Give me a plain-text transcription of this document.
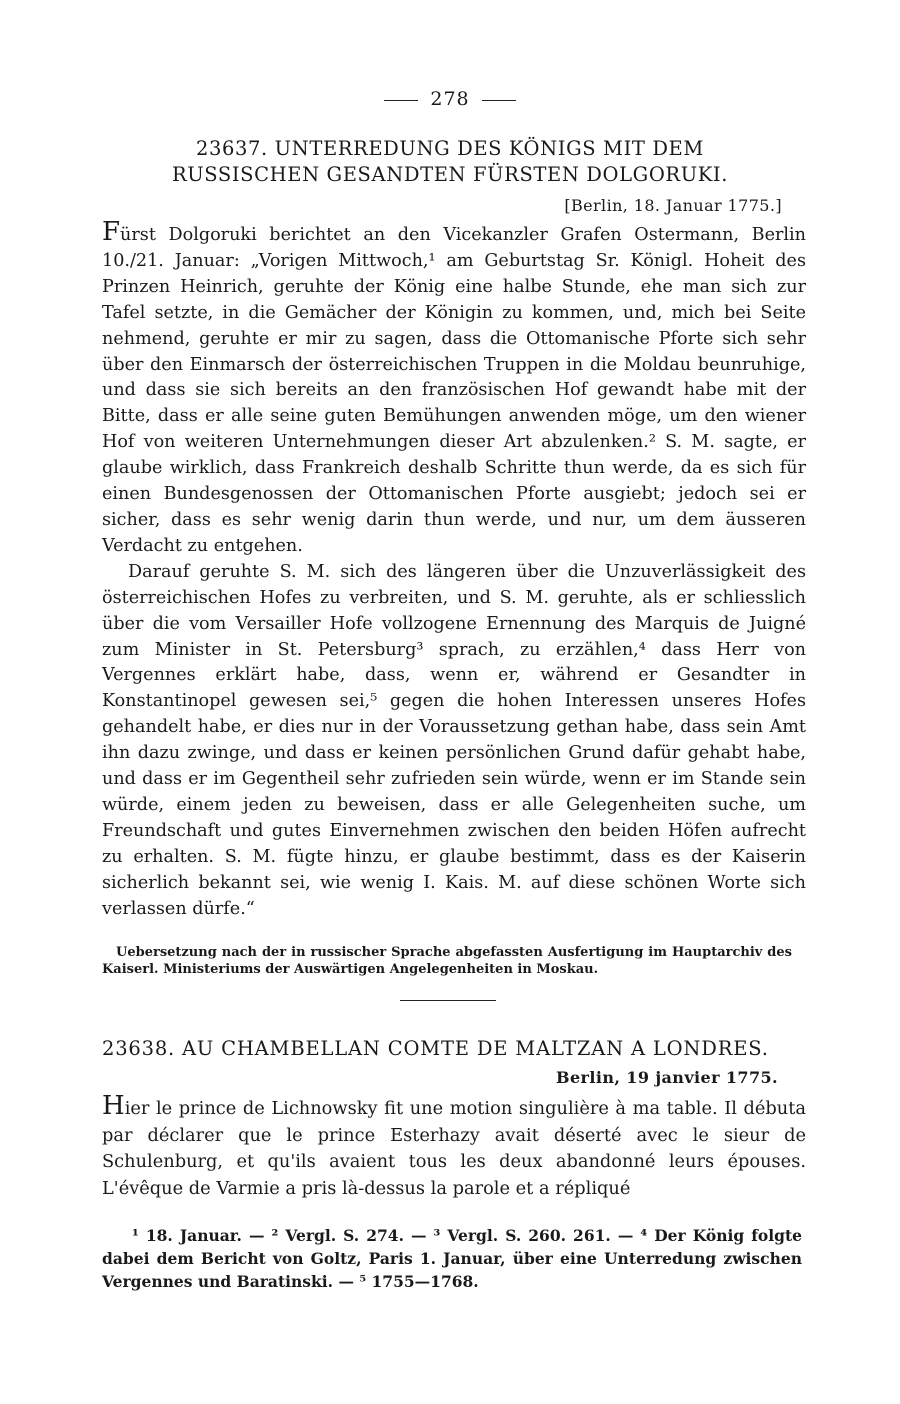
278
23637. UNTERREDUNG DES KÖNIGS MIT DEM
RUSSISCHEN GESANDTEN FÜRSTEN DOLGORUKI.
[Berlin, 18. Januar 1775.]

Fürst Dolgoruki berichtet an den Vicekanzler Grafen Ostermann, Berlin 10./21. Januar: „Vorigen Mittwoch,¹ am Geburtstag Sr. Königl. Hoheit des Prinzen Heinrich, geruhte der König eine halbe Stunde, ehe man sich zur Tafel setzte, in die Gemächer der Königin zu kommen, und, mich bei Seite nehmend, geruhte er mir zu sagen, dass die Ottomanische Pforte sich sehr über den Einmarsch der österreichischen Truppen in die Moldau beunruhige, und dass sie sich bereits an den französischen Hof gewandt habe mit der Bitte, dass er alle seine guten Bemühungen anwenden möge, um den wiener Hof von weiteren Unternehmungen dieser Art abzulenken.² S. M. sagte, er glaube wirklich, dass Frankreich deshalb Schritte thun werde, da es sich für einen Bundesgenossen der Ottomanischen Pforte ausgiebt; jedoch sei er sicher, dass es sehr wenig darin thun werde, und nur, um dem äusseren Verdacht zu entgehen.

Darauf geruhte S. M. sich des längeren über die Unzuverlässigkeit des österreichischen Hofes zu verbreiten, und S. M. geruhte, als er schliesslich über die vom Versailler Hofe vollzogene Ernennung des Marquis de Juigné zum Minister in St. Petersburg³ sprach, zu erzählen,⁴ dass Herr von Vergennes erklärt habe, dass, wenn er, während er Gesandter in Konstantinopel gewesen sei,⁵ gegen die hohen Interessen unseres Hofes gehandelt habe, er dies nur in der Voraussetzung gethan habe, dass sein Amt ihn dazu zwinge, und dass er keinen persönlichen Grund dafür gehabt habe, und dass er im Gegentheil sehr zufrieden sein würde, wenn er im Stande sein würde, einem jeden zu beweisen, dass er alle Gelegenheiten suche, um Freundschaft und gutes Einvernehmen zwischen den beiden Höfen aufrecht zu erhalten. S. M. fügte hinzu, er glaube bestimmt, dass es der Kaiserin sicherlich bekannt sei, wie wenig I. Kais. M. auf diese schönen Worte sich verlassen dürfe.“

Uebersetzung nach der in russischer Sprache abgefassten Ausfertigung im Hauptarchiv des Kaiserl. Ministeriums der Auswärtigen Angelegenheiten in Moskau.
23638. AU CHAMBELLAN COMTE DE MALTZAN A LONDRES.
Berlin, 19 janvier 1775.

Hier le prince de Lichnowsky fit une motion singulière à ma table. Il débuta par déclarer que le prince Esterhazy avait déserté avec le sieur de Schulenburg, et qu'ils avaient tous les deux abandonné leurs épouses. L'évêque de Varmie a pris là-dessus la parole et a répliqué

¹ 18. Januar. — ² Vergl. S. 274. — ³ Vergl. S. 260. 261. — ⁴ Der König folgte dabei dem Bericht von Goltz, Paris 1. Januar, über eine Unterredung zwischen Vergennes und Baratinski. — ⁵ 1755—1768.
